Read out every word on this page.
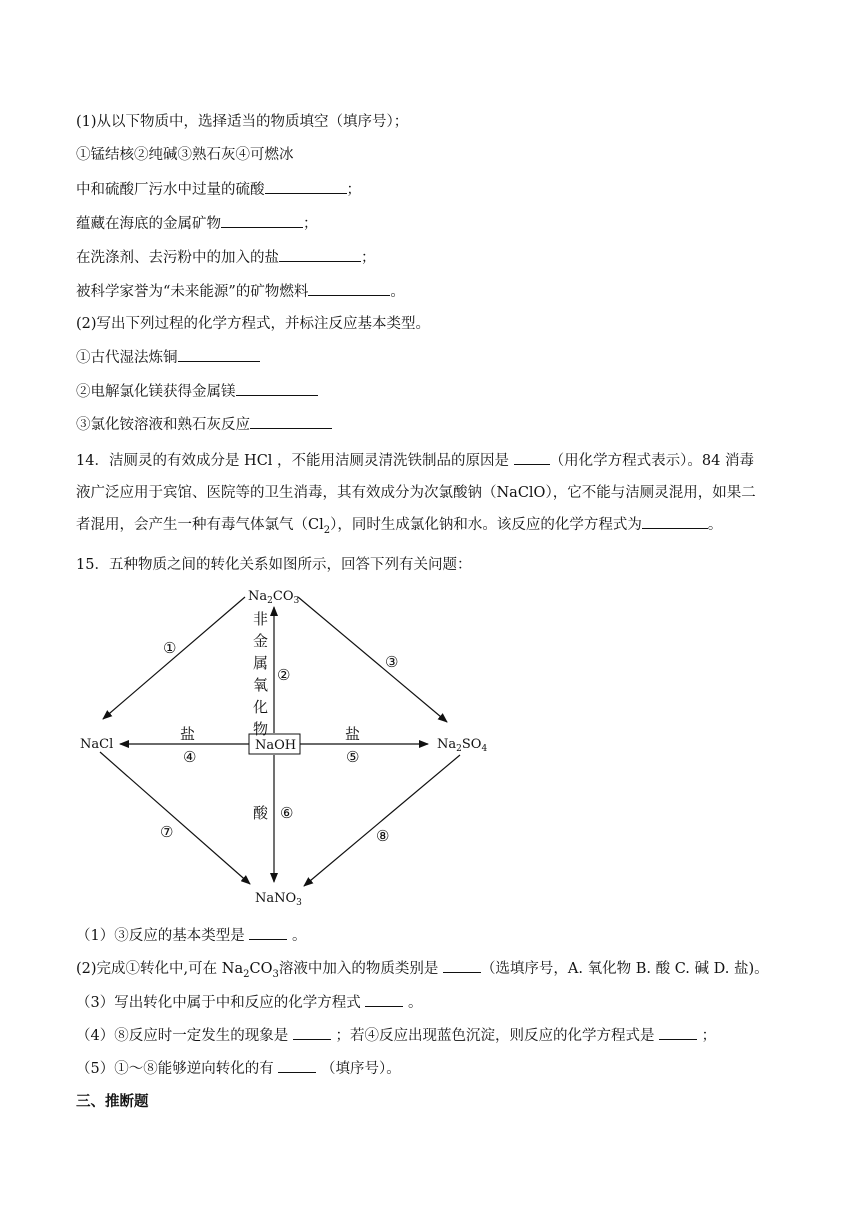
(1)从以下物质中，选择适当的物质填空（填序号）；
①锰结核②纯碱③熟石灰④可燃冰
中和硫酸厂污水中过量的硫酸	；
蕴藏在海底的金属矿物	；
在洗涤剂、去污粉中的加入的盐	；
被科学家誉为“未来能源”的矿物燃料	。
(2)写出下列过程的化学方程式，并标注反应基本类型。
①古代湿法炼铜
②电解氯化镁获得金属镁
③氯化铵溶液和熟石灰反应
14．洁厕灵的有效成分是 HCl ，不能用洁厕灵清洗铁制品的原因是	（用化学方程式表示）。84 消毒液广泛应用于宾馆、医院等的卫生消毒，其有效成分为次氯酸钠（NaClO），它不能与洁厕灵混用，如果二者混用，会产生一种有毒气体氯气$(Cl_2)$，同时生成氯化钠和水。该反应的化学方程式为	。
15．五种物质之间的转化关系如图所示，回答下列有关问题：
$Na_2CO_3$
NaCl	NaOH	$Na_2SO_4$
NaNO$_3$
非
金
属
氧
化
物
盐	盐
酸
①
②
③
④	⑤
⑥
⑦	⑧
（1）③反应的基本类型是	。
(2)完成①转化中,可在 $Na_2CO_3$溶液中加入的物质类别是	（选填序号，A. 氧化物 B. 酸 C. 碱 D. 盐)。
（3）写出转化中属于中和反应的化学方程式	。
（4）⑧反应时一定发生的现象是	；若④反应出现蓝色沉淀，则反应的化学方程式是	；
（5）①～⑧能够逆向转化的有	（填序号）。
三、推断题
